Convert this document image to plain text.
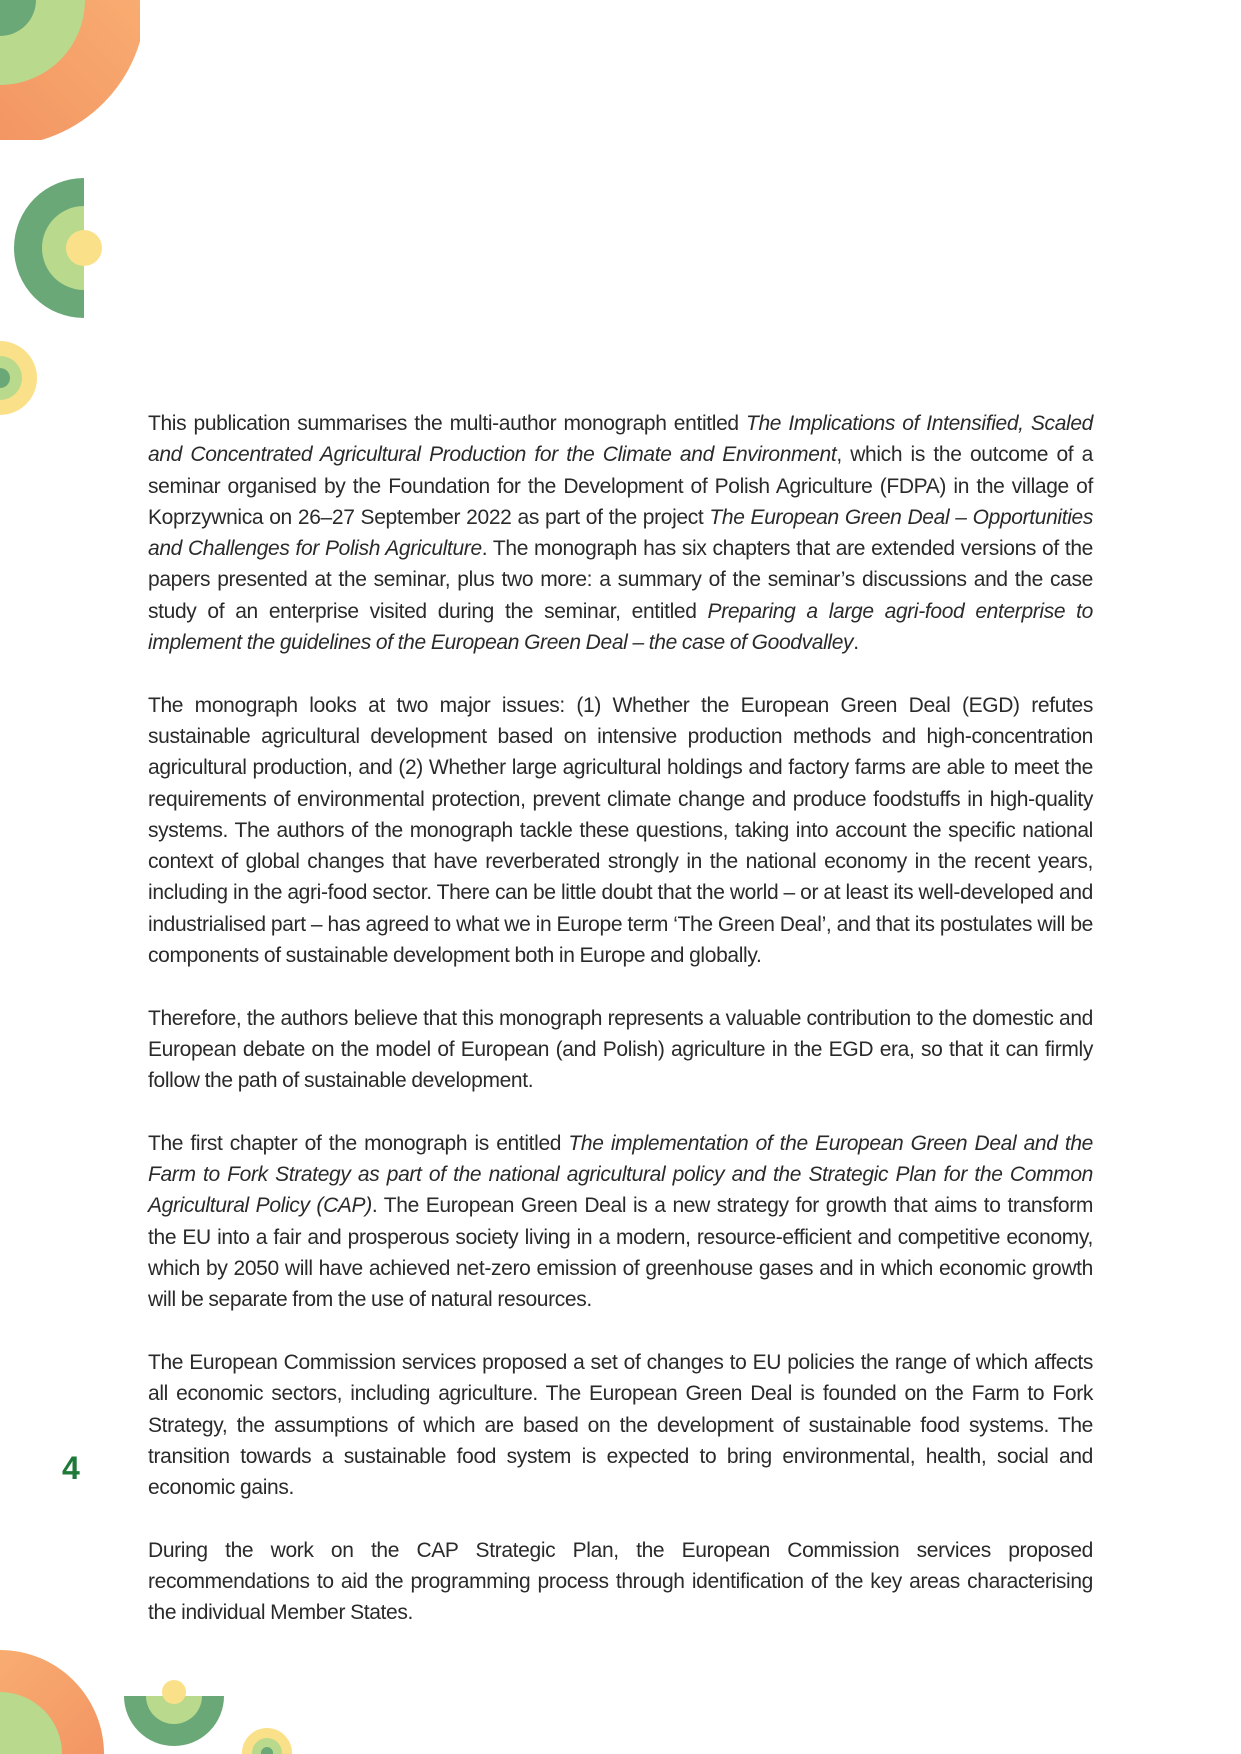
4

This publication summarises the multi-author monograph entitled The Implications of Intensified, Scaled and Concentrated Agricultural Production for the Climate and Environment, which is the outcome of a seminar organised by the Foundation for the Development of Polish Agriculture (FDPA) in the village of Koprzywnica on 26–27 September 2022 as part of the project The European Green Deal – Opportunities and Challenges for Polish Agriculture. The monograph has six chapters that are extended versions of the papers presented at the seminar, plus two more: a summary of the seminar’s discussions and the case study of an enterprise visited during the seminar, entitled Preparing a large agri-food enterprise to implement the guidelines of the European Green Deal – the case of Goodvalley.

The monograph looks at two major issues: (1) Whether the European Green Deal (EGD) refutes sustainable agricultural development based on intensive production methods and high-concentration agricultural production, and (2) Whether large agricultural holdings and factory farms are able to meet the requirements of environmental protection, prevent climate change and produce foodstuffs in high-quality systems. The authors of the monograph tackle these questions, taking into account the specific national context of global changes that have reverberated strongly in the national economy in the recent years, including in the agri-food sector. There can be little doubt that the world – or at least its well-developed and industrialised part – has agreed to what we in Europe term ‘The Green Deal’, and that its postulates will be components of sustainable development both in Europe and globally.

Therefore, the authors believe that this monograph represents a valuable contribution to the domestic and European debate on the model of European (and Polish) agriculture in the EGD era, so that it can firmly follow the path of sustainable development.

The first chapter of the monograph is entitled The implementation of the European Green Deal and the Farm to Fork Strategy as part of the national agricultural policy and the Strategic Plan for the Common Agricultural Policy (CAP). The European Green Deal is a new strategy for growth that aims to transform the EU into a fair and prosperous society living in a modern, resource-efficient and competitive economy, which by 2050 will have achieved net-zero emission of greenhouse gases and in which economic growth will be separate from the use of natural resources.

The European Commission services proposed a set of changes to EU policies the range of which affects all economic sectors, including agriculture. The European Green Deal is founded on the Farm to Fork Strategy, the assumptions of which are based on the development of sustainable food systems. The transition towards a sustainable food system is expected to bring environmental, health, social and economic gains.

During the work on the CAP Strategic Plan, the European Commission services proposed recommendations to aid the programming process through identification of the key areas characterising the individual Member States.
